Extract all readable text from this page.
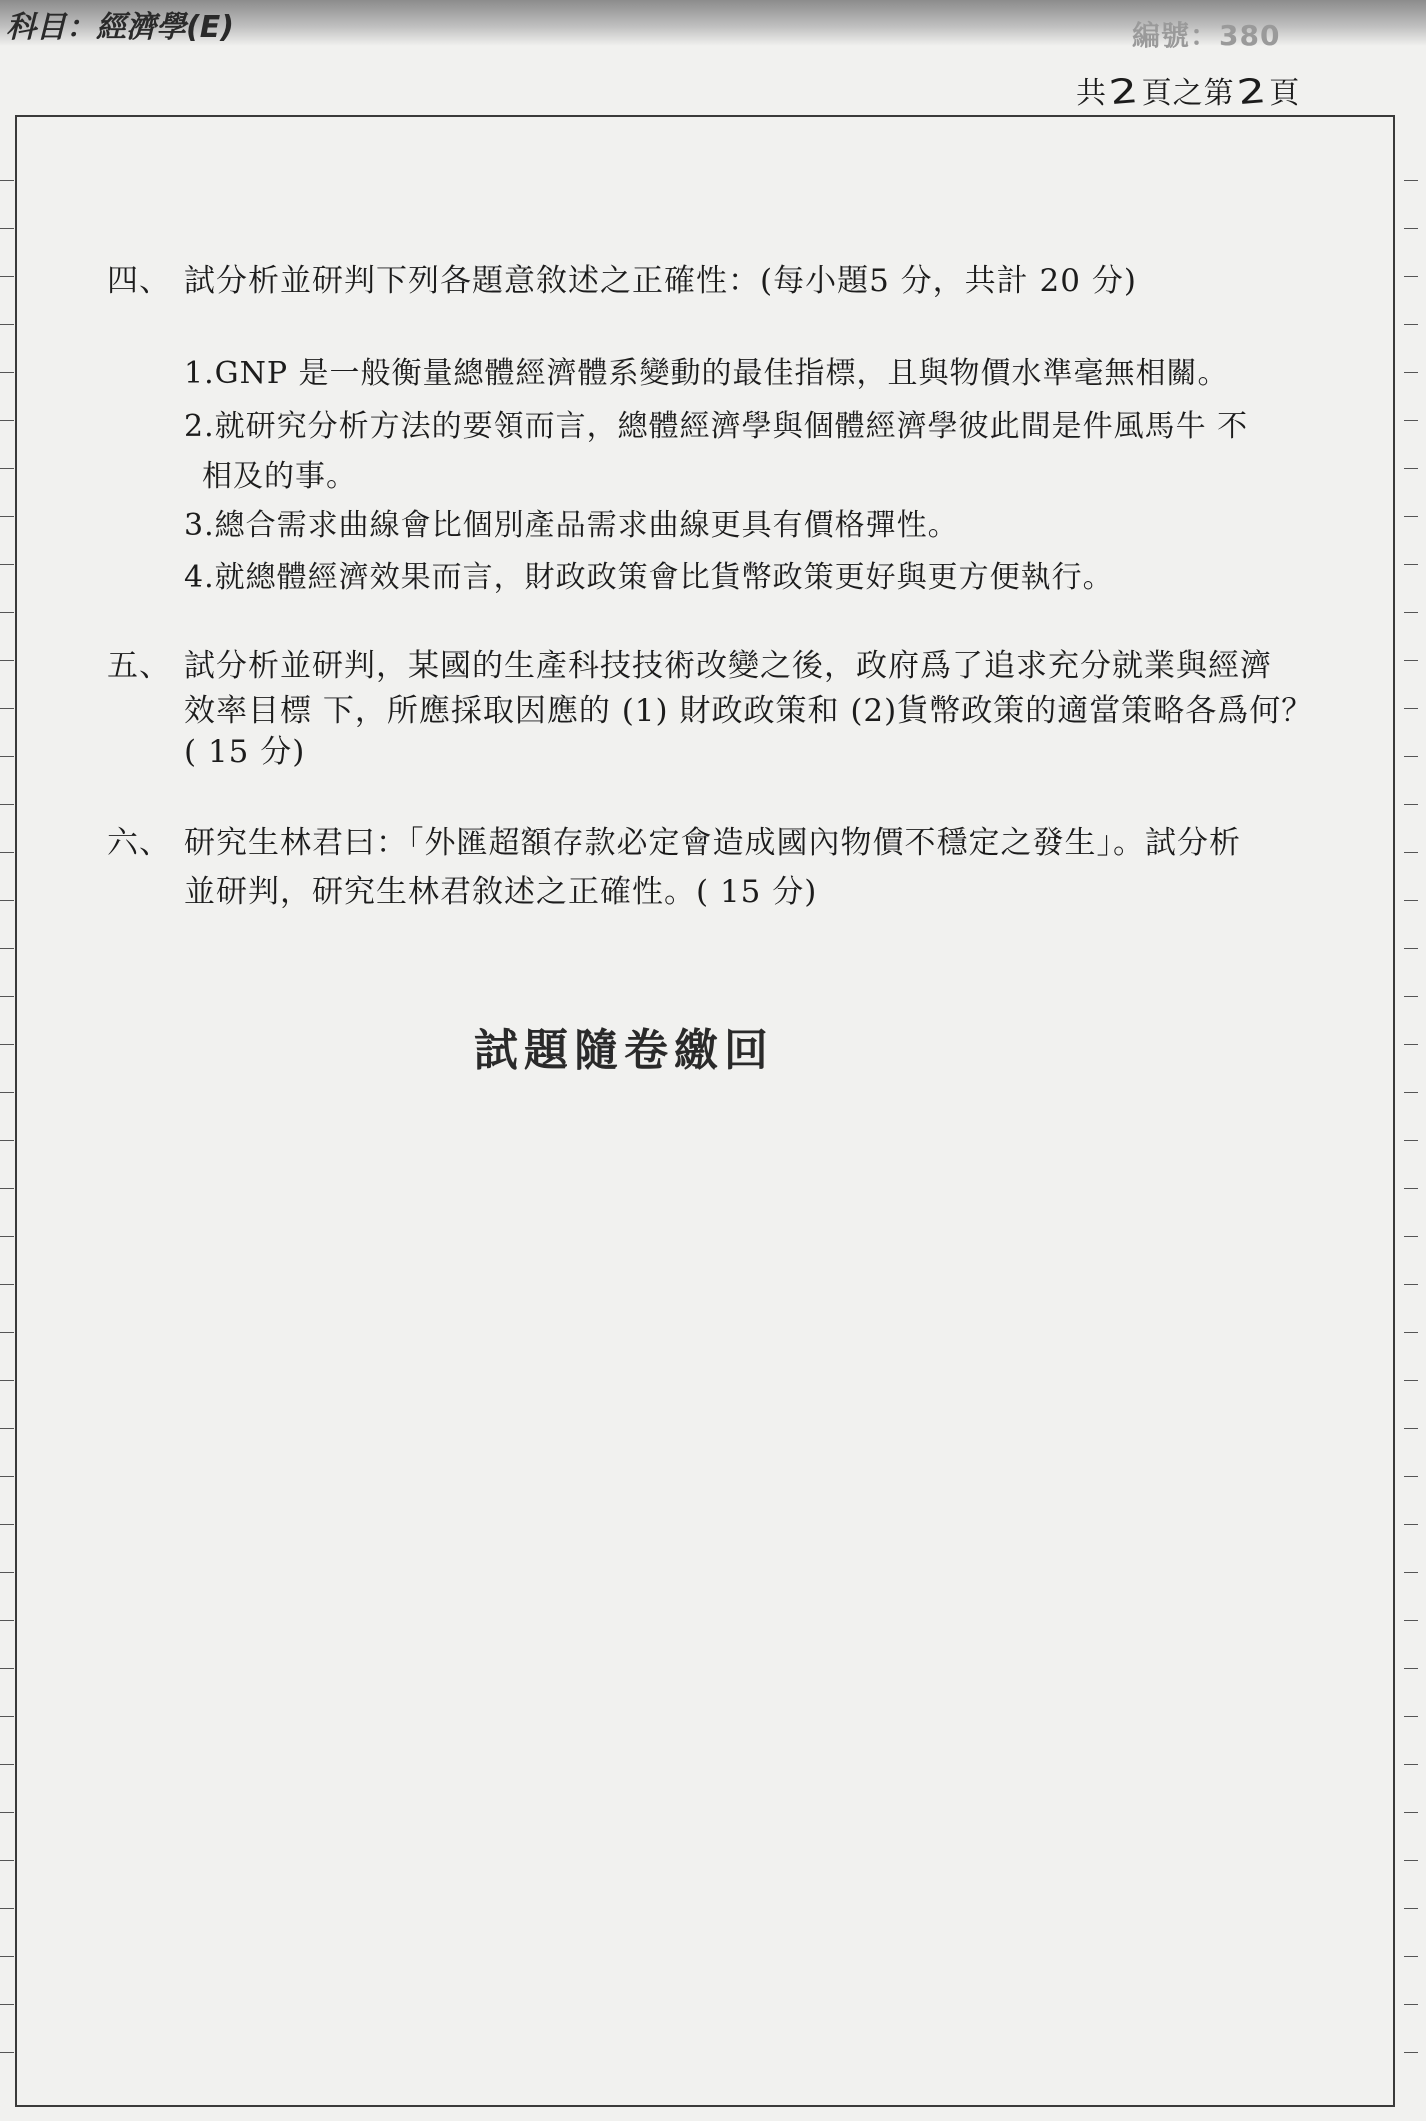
科目：經濟學(E)	編號：380
共2頁之第2頁
四、 試分析並研判下列各題意敘述之正確性：(每小題5 分，共計 20 分)
1.GNP 是一般衡量總體經濟體系變動的最佳指標，且與物價水準毫無相關。
2.就研究分析方法的要領而言，總體經濟學與個體經濟學彼此間是件風馬牛 不
相及的事。
3.總合需求曲線會比個別產品需求曲線更具有價格彈性。
4.就總體經濟效果而言，財政政策會比貨幣政策更好與更方便執行。
五、 試分析並研判，某國的生產科技技術改變之後，政府爲了追求充分就業與經濟
效率目標 下，所應採取因應的 (1) 財政政策和 (2)貨幣政策的適當策略各爲何？
( 15 分)
六、 研究生林君曰：「外匯超額存款必定會造成國內物價不穩定之發生」。試分析
並研判，研究生林君敘述之正確性。( 15 分)
試題隨卷繳回
